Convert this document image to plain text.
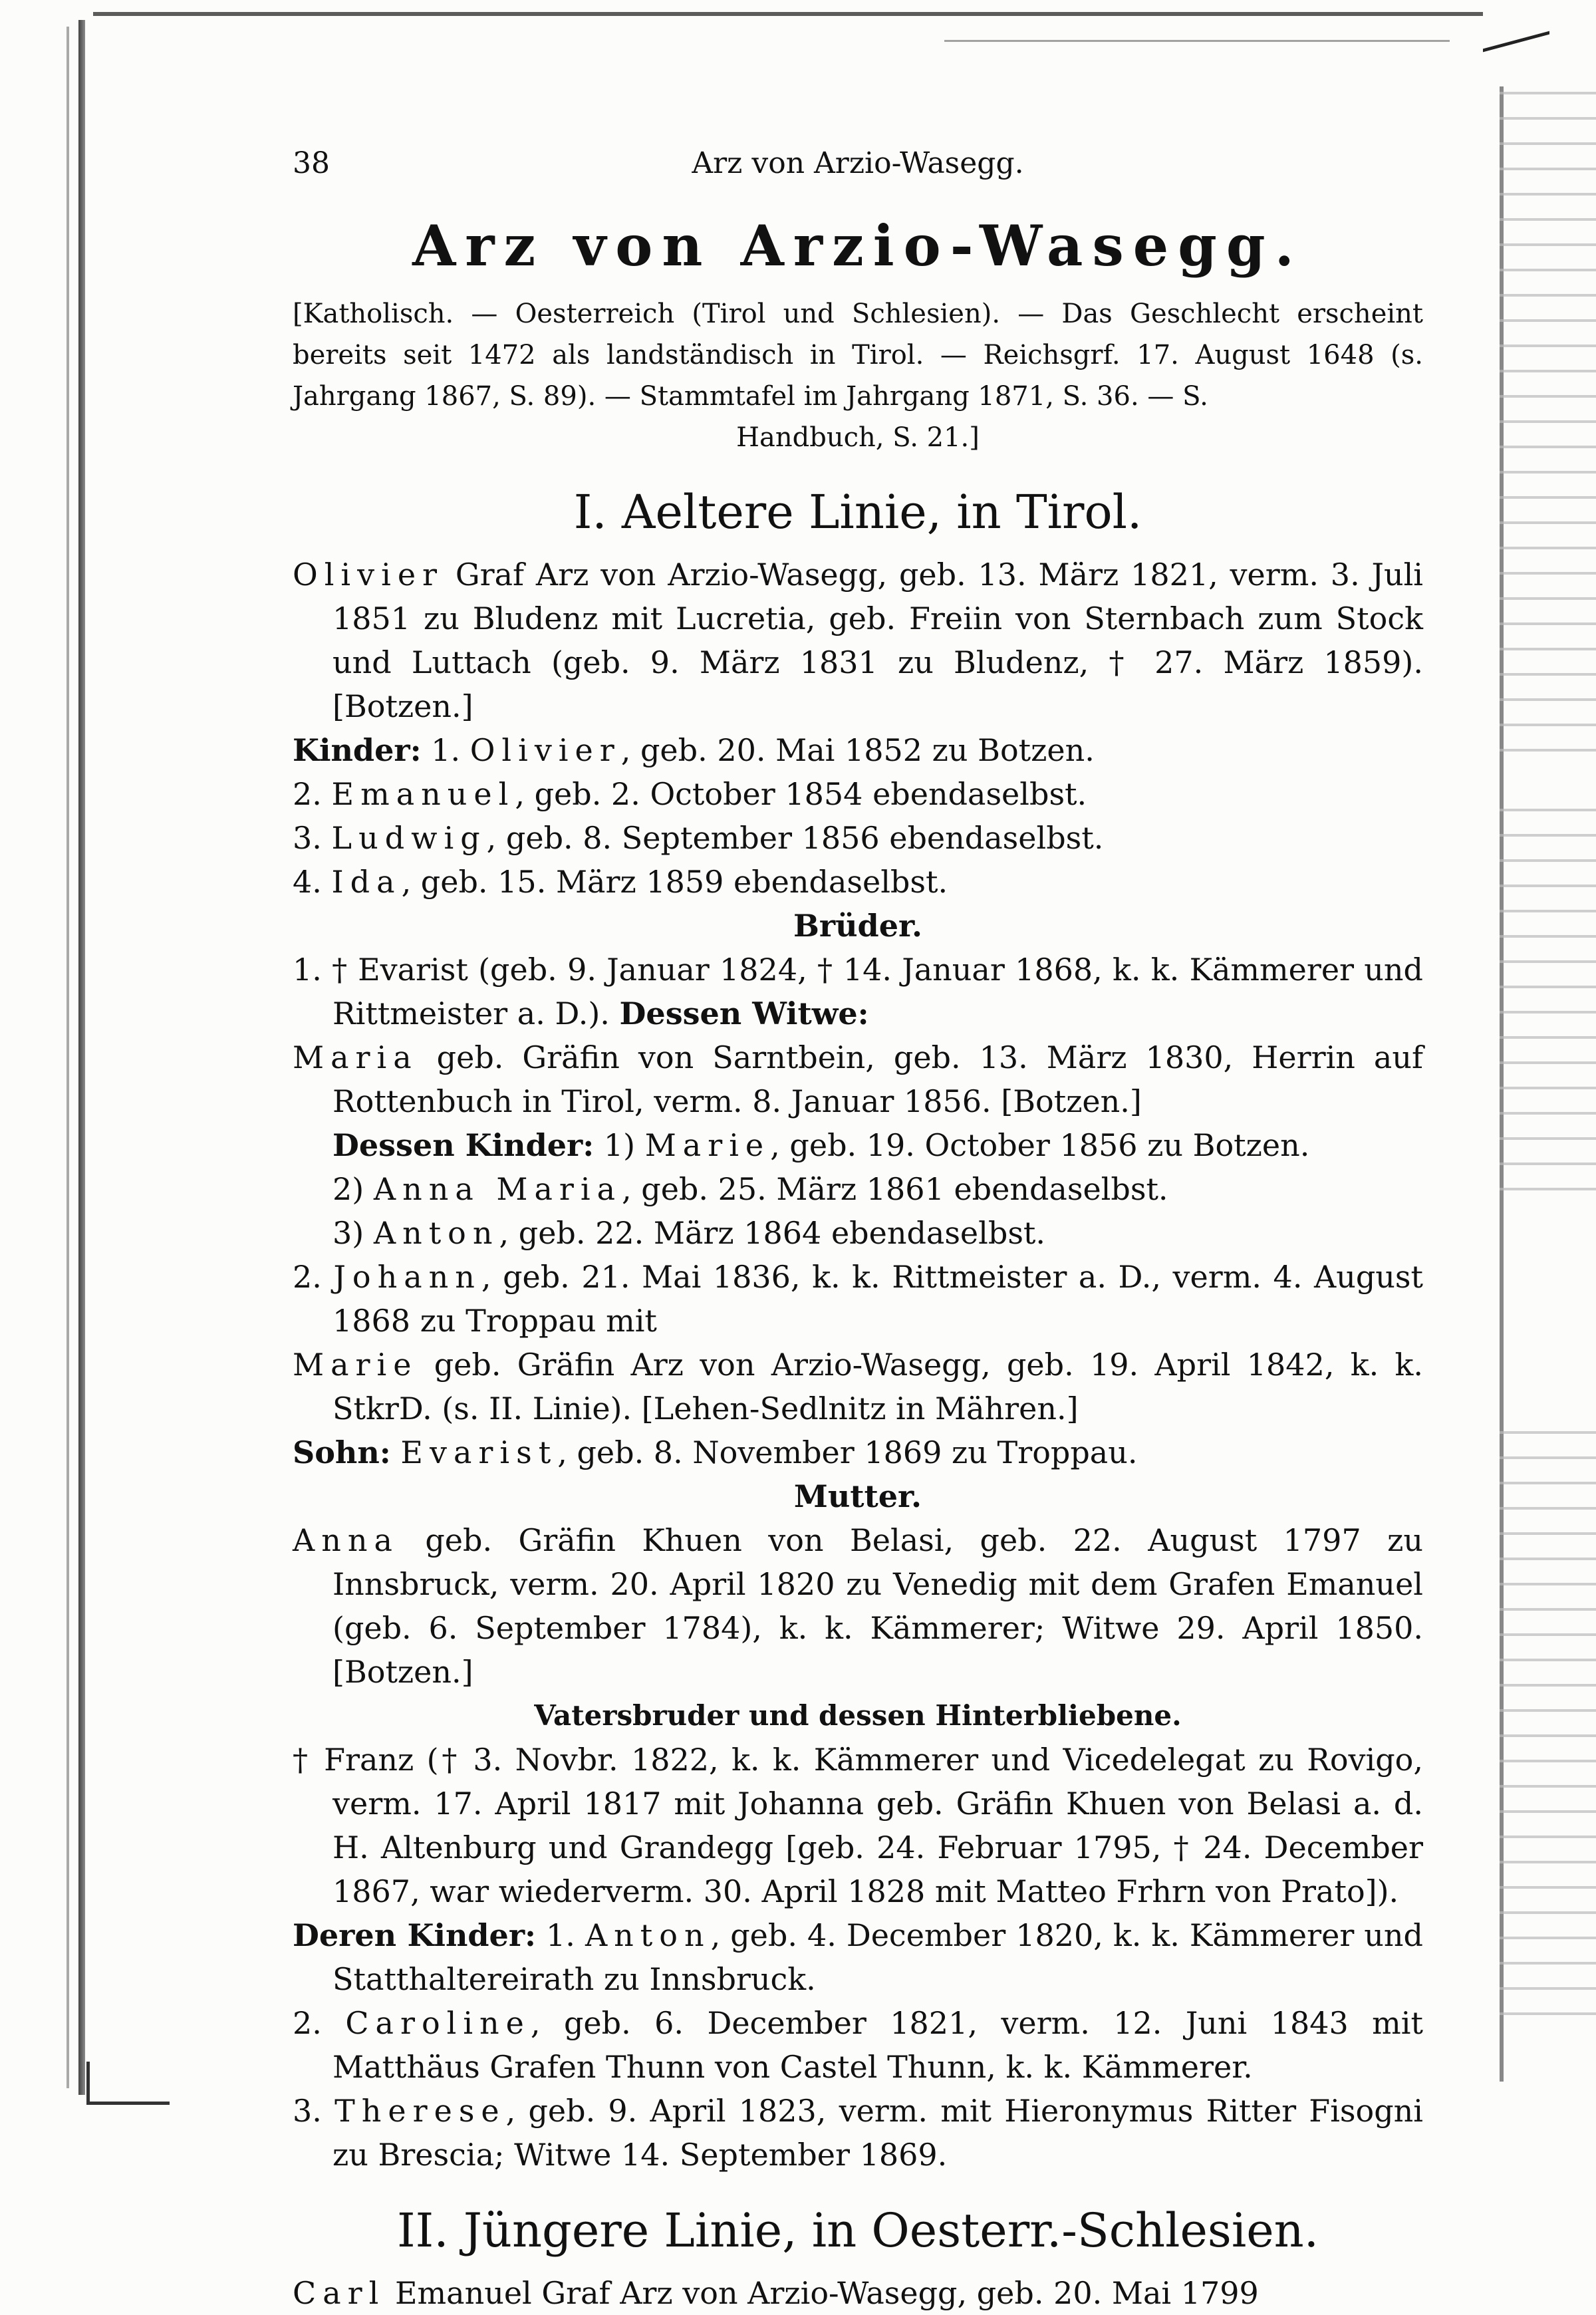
38	Arz von Arzio-Wasegg.
Arz von Arzio-Wasegg.
[Katholisch. — Oesterreich (Tirol und Schlesien). — Das Geschlecht erscheint bereits seit 1472 als landständisch in Tirol. — Reichsgrf. 17. August 1648 (s. Jahrgang 1867, S. 89). — Stammtafel im Jahrgang 1871, S. 36. — S.
Handbuch, S. 21.]
I. Aeltere Linie, in Tirol.
Olivier Graf Arz von Arzio-Wasegg, geb. 13. März 1821, verm. 3. Juli 1851 zu Bludenz mit Lucretia, geb. Freiin von Sternbach zum Stock und Luttach (geb. 9. März 1831 zu Bludenz, † 27. März 1859). [Botzen.]
Kinder: 1. Olivier, geb. 20. Mai 1852 zu Botzen.
2. Emanuel, geb. 2. October 1854 ebendaselbst.
3. Ludwig, geb. 8. September 1856 ebendaselbst.
4. Ida, geb. 15. März 1859 ebendaselbst.
Brüder.
1. † Evarist (geb. 9. Januar 1824, † 14. Januar 1868, k. k. Kämmerer und Rittmeister a. D.). Dessen Witwe:
Maria geb. Gräfin von Sarntbein, geb. 13. März 1830, Herrin auf Rottenbuch in Tirol, verm. 8. Januar 1856. [Botzen.]
Dessen Kinder: 1) Marie, geb. 19. October 1856 zu Botzen.
2) Anna Maria, geb. 25. März 1861 ebendaselbst.
3) Anton, geb. 22. März 1864 ebendaselbst.
2. Johann, geb. 21. Mai 1836, k. k. Rittmeister a. D., verm. 4. August 1868 zu Troppau mit
Marie geb. Gräfin Arz von Arzio-Wasegg, geb. 19. April 1842, k. k. StkrD. (s. II. Linie). [Lehen-Sedlnitz in Mähren.]
Sohn: Evarist, geb. 8. November 1869 zu Troppau.
Mutter.
Anna geb. Gräfin Khuen von Belasi, geb. 22. August 1797 zu Innsbruck, verm. 20. April 1820 zu Venedig mit dem Grafen Emanuel (geb. 6. September 1784), k. k. Kämmerer; Witwe 29. April 1850. [Botzen.]
Vatersbruder und dessen Hinterbliebene.
† Franz († 3. Novbr. 1822, k. k. Kämmerer und Vicedelegat zu Rovigo, verm. 17. April 1817 mit Johanna geb. Gräfin Khuen von Belasi a. d. H. Altenburg und Grandegg [geb. 24. Februar 1795, † 24. December 1867, war wiederverm. 30. April 1828 mit Matteo Frhrn von Prato]).
Deren Kinder: 1. Anton, geb. 4. December 1820, k. k. Kämmerer und Statthaltereirath zu Innsbruck.
2. Caroline, geb. 6. December 1821, verm. 12. Juni 1843 mit Matthäus Grafen Thunn von Castel Thunn, k. k. Kämmerer.
3. Therese, geb. 9. April 1823, verm. mit Hieronymus Ritter Fisogni zu Brescia; Witwe 14. September 1869.
II. Jüngere Linie, in Oesterr.-Schlesien.
Carl Emanuel Graf Arz von Arzio-Wasegg, geb. 20. Mai 1799
